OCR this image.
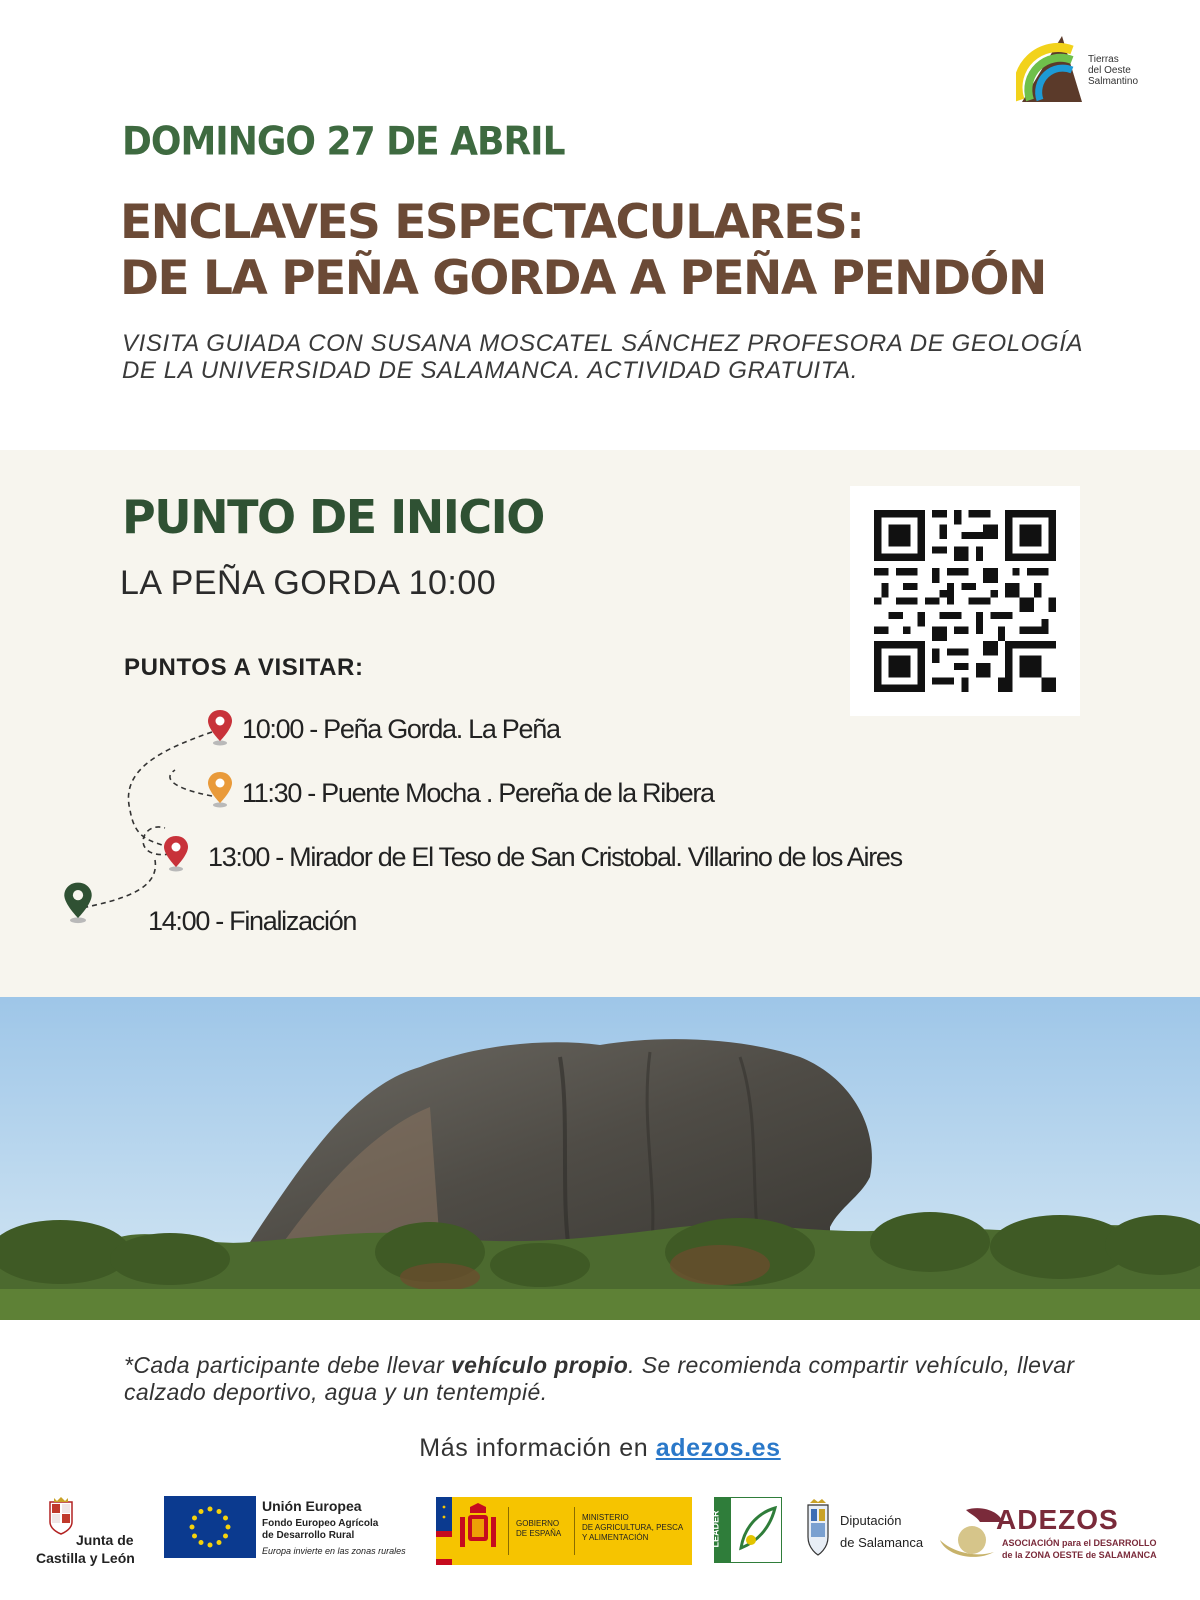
Tierras
del Oeste
Salmantino
DOMINGO 27 DE ABRIL
ENCLAVES ESPECTACULARES:
DE LA PEÑA GORDA A PEÑA PENDÓN
VISITA GUIADA CON SUSANA MOSCATEL SÁNCHEZ PROFESORA DE GEOLOGÍA DE LA UNIVERSIDAD DE SALAMANCA. ACTIVIDAD GRATUITA.
PUNTO DE INICIO
LA PEÑA GORDA 10:00
PUNTOS A VISITAR:
10:00 - Peña Gorda. La Peña
11:30 - Puente Mocha . Pereña de la Ribera
13:00 - Mirador de El Teso de San Cristobal. Villarino de los Aires
14:00 - Finalización
*Cada participante debe llevar vehículo propio. Se recomienda compartir vehículo, llevar calzado deportivo, agua y un tentempié.
Más información en adezos.es
Junta de
Castilla y León
Unión Europea
Fondo Europeo Agrícola
de Desarrollo Rural
Europa invierte en las zonas rurales
GOBIERNO
DE ESPAÑA
MINISTERIO
DE AGRICULTURA, PESCA
Y ALIMENTACIÓN	LEADER	Diputación
de Salamanca
ADEZOS
ASOCIACIÓN para el DESARROLLO
de la ZONA OESTE de SALAMANCA
